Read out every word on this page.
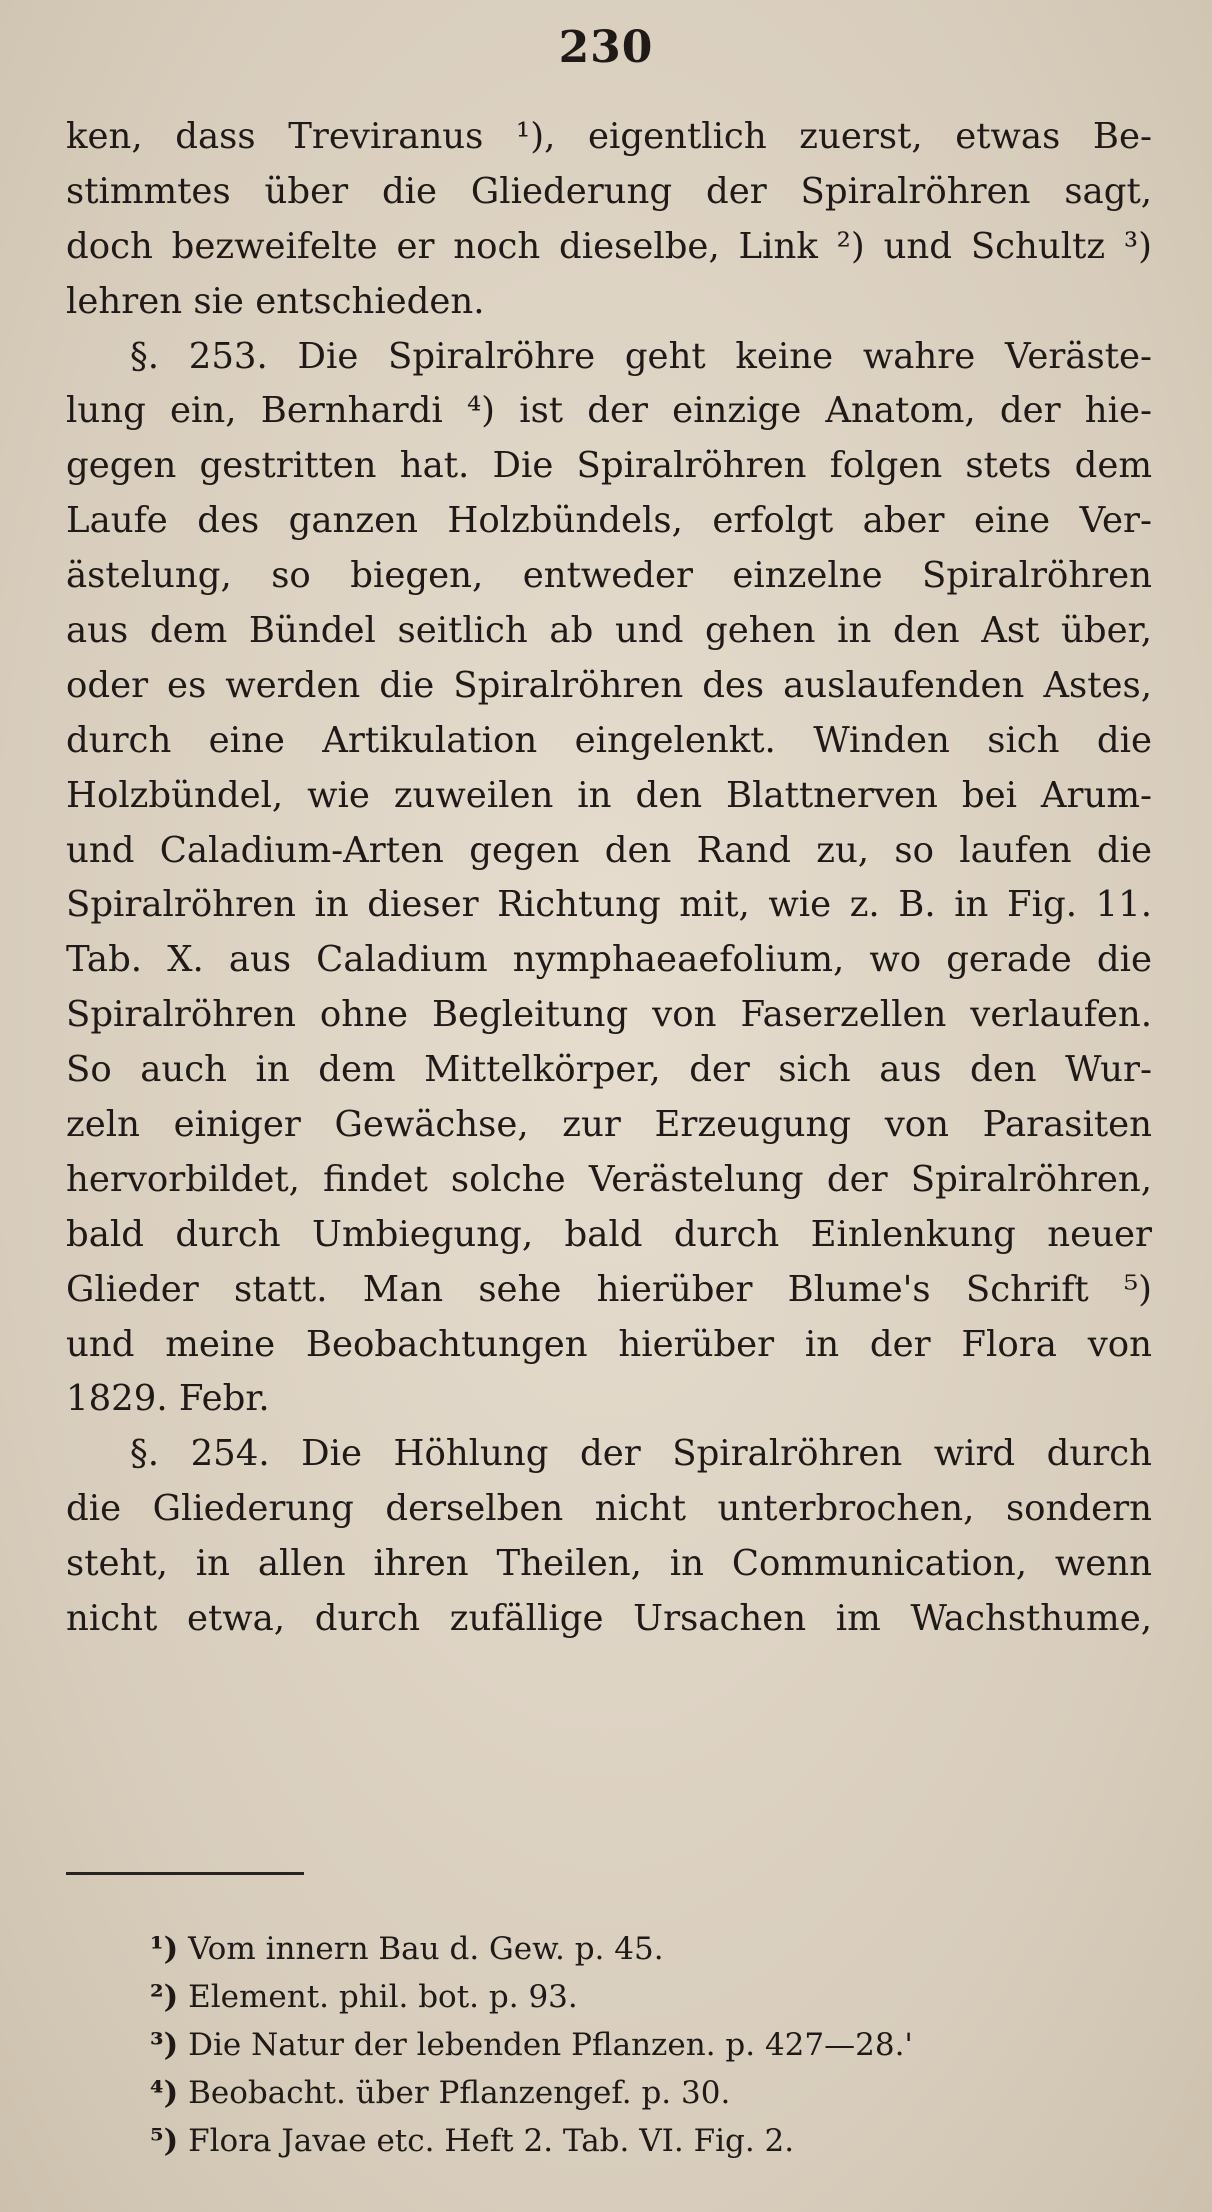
230
ken, dass Treviranus ¹), eigentlich zuerst, etwas Be-
stimmtes über die Gliederung der Spiralröhren sagt,
doch bezweifelte er noch dieselbe, Link ²) und Schultz ³)
lehren sie entschieden.
§. 253. Die Spiralröhre geht keine wahre Veräste-
lung ein, Bernhardi ⁴) ist der einzige Anatom, der hie-
gegen gestritten hat. Die Spiralröhren folgen stets dem
Laufe des ganzen Holzbündels, erfolgt aber eine Ver-
ästelung, so biegen, entweder einzelne Spiralröhren
aus dem Bündel seitlich ab und gehen in den Ast über,
oder es werden die Spiralröhren des auslaufenden Astes,
durch eine Artikulation eingelenkt. Winden sich die
Holzbündel, wie zuweilen in den Blattnerven bei Arum-
und Caladium-Arten gegen den Rand zu, so laufen die
Spiralröhren in dieser Richtung mit, wie z. B. in Fig. 11.
Tab. X. aus Caladium nymphaeaefolium, wo gerade die
Spiralröhren ohne Begleitung von Faserzellen verlaufen.
So auch in dem Mittelkörper, der sich aus den Wur-
zeln einiger Gewächse, zur Erzeugung von Parasiten
hervorbildet, findet solche Verästelung der Spiralröhren,
bald durch Umbiegung, bald durch Einlenkung neuer
Glieder statt. Man sehe hierüber Blume's Schrift ⁵)
und meine Beobachtungen hierüber in der Flora von
1829. Febr.
§. 254. Die Höhlung der Spiralröhren wird durch
die Gliederung derselben nicht unterbrochen, sondern
steht, in allen ihren Theilen, in Communication, wenn
nicht etwa, durch zufällige Ursachen im Wachsthume,
¹) Vom innern Bau d. Gew. p. 45.
²) Element. phil. bot. p. 93.
³) Die Natur der lebenden Pflanzen. p. 427—28.'
⁴) Beobacht. über Pflanzengef. p. 30.
⁵) Flora Javae etc. Heft 2. Tab. VI. Fig. 2.
